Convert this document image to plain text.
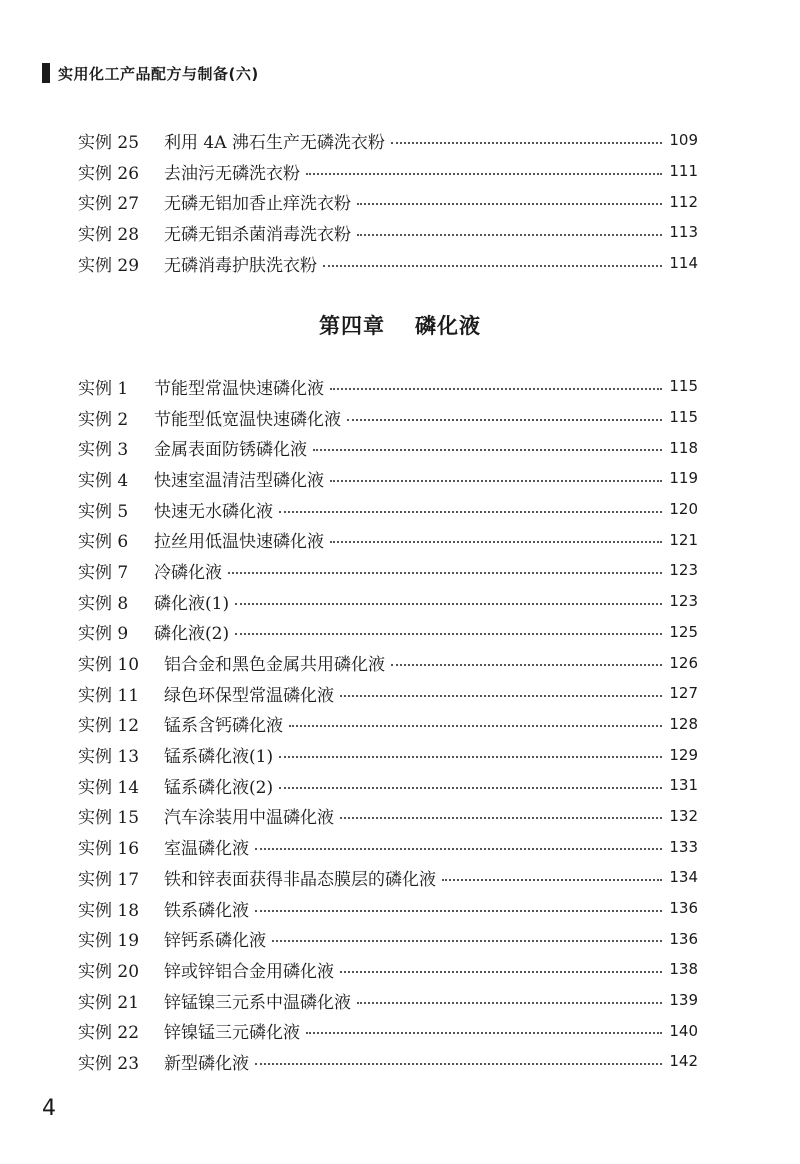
实用化工产品配方与制备(六)
实例 25	利用 4A 沸石生产无磷洗衣粉	109
实例 26	去油污无磷洗衣粉	111
实例 27	无磷无铝加香止痒洗衣粉	112
实例 28	无磷无铝杀菌消毒洗衣粉	113
实例 29	无磷消毒护肤洗衣粉	114
第四章 磷化液
实例 1	节能型常温快速磷化液	115
实例 2	节能型低宽温快速磷化液	115
实例 3	金属表面防锈磷化液	118
实例 4	快速室温清洁型磷化液	119
实例 5	快速无水磷化液	120
实例 6	拉丝用低温快速磷化液	121
实例 7	冷磷化液	123
实例 8	磷化液(1)	123
实例 9	磷化液(2)	125
实例 10	铝合金和黑色金属共用磷化液	126
实例 11	绿色环保型常温磷化液	127
实例 12	锰系含钙磷化液	128
实例 13	锰系磷化液(1)	129
实例 14	锰系磷化液(2)	131
实例 15	汽车涂装用中温磷化液	132
实例 16	室温磷化液	133
实例 17	铁和锌表面获得非晶态膜层的磷化液	134
实例 18	铁系磷化液	136
实例 19	锌钙系磷化液	136
实例 20	锌或锌铝合金用磷化液	138
实例 21	锌锰镍三元系中温磷化液	139
实例 22	锌镍锰三元磷化液	140
实例 23	新型磷化液	142
4
